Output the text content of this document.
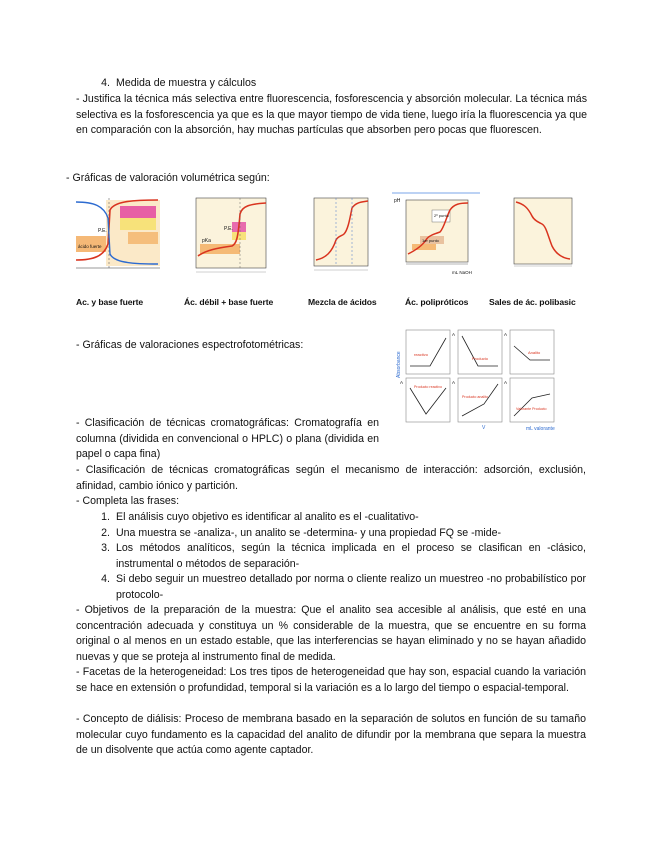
4. Medida de muestra y cálculos
- Justifica la técnica más selectiva entre fluorescencia, fosforescencia y absorción molecular. La técnica más selectiva es la fosforescencia ya que es la que mayor tiempo de vida tiene, luego iría la fluorescencia ya que en comparación con la absorción, hay muchas partículas que absorben pero pocas que fluorescen.
- Gráficas de valoración volumétrica según:
ácido fuerte
P.E.	P.E.
pKa
pH
2º punto
1er punto
mL NaOH
Ac. y base fuerte	Ác. débil + base fuerte	Mezcla de ácidos	Ác. polipróticos Sales de ác. polibasic
- Gráficas de valoraciones espectrofotométricas:
Absorbance
A	A
A	A	A
reactivo
Producto
Analito
Producto reactivo
Producto analito
Valorante Producto
V	mL valorante
- Clasificación de técnicas cromatográficas: Cromatografía en columna (dividida en convencional o HPLC) o plana (dividida en papel o capa fina)
- Clasificación de técnicas cromatográficas según el mecanismo de interacción: adsorción, exclusión, afinidad, cambio iónico y partición.
- Completa las frases:
1. El análisis cuyo objetivo es identificar al analito es el -cualitativo-
2. Una muestra se -analiza-, un analito se -determina- y una propiedad FQ se -mide-
3. Los métodos analíticos, según la técnica implicada en el proceso se clasifican en -clásico, instrumental o métodos de separación-
4. Si debo seguir un muestreo detallado por norma o cliente realizo un muestreo -no probabilístico por protocolo-
- Objetivos de la preparación de la muestra: Que el analito sea accesible al análisis, que esté en una concentración adecuada y constituya un % considerable de la muestra, que se encuentre en su forma original o al menos en un estado estable, que las interferencias se hayan eliminado y no se hayan añadido nuevas y que se proteja al instrumento final de medida.
- Facetas de la heterogeneidad: Los tres tipos de heterogeneidad que hay son, espacial cuando la variación se hace en extensión o profundidad, temporal si la variación es a lo largo del tiempo o espacial-temporal.
- Concepto de diálisis: Proceso de membrana basado en la separación de solutos en función de su tamaño molecular cuyo fundamento es la capacidad del analito de difundir por la membrana que separa la muestra de un disolvente que actúa como agente captador.
